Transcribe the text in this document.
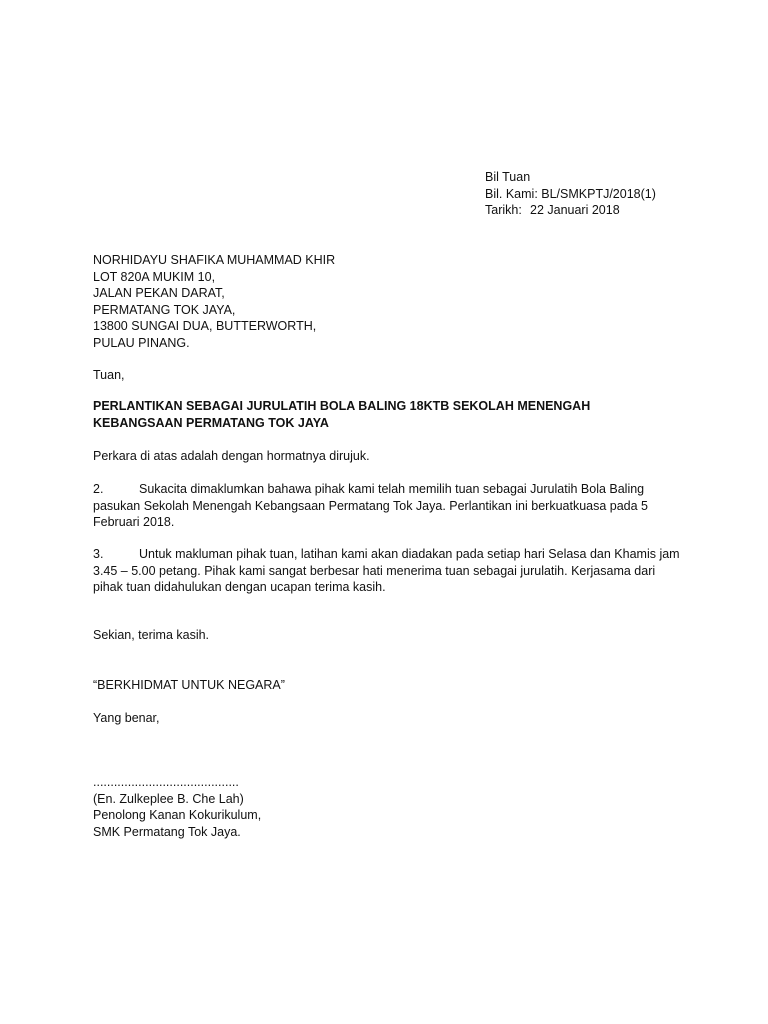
Bil Tuan
Bil. Kami: BL/SMKPTJ/2018(1)
Tarikh: 22 Januari 2018
NORHIDAYU SHAFIKA MUHAMMAD KHIR
LOT 820A MUKIM 10,
JALAN PEKAN DARAT,
PERMATANG TOK JAYA,
13800 SUNGAI DUA, BUTTERWORTH,
PULAU PINANG.
Tuan,
PERLANTIKAN SEBAGAI JURULATIH BOLA BALING 18KTB SEKOLAH MENENGAH KEBANGSAAN PERMATANG TOK JAYA
Perkara di atas adalah dengan hormatnya dirujuk.
2.	Sukacita dimaklumkan bahawa pihak kami telah memilih tuan sebagai Jurulatih Bola Baling pasukan Sekolah Menengah Kebangsaan Permatang Tok Jaya. Perlantikan ini berkuatkuasa pada 5 Februari 2018.
3.	Untuk makluman pihak tuan, latihan kami akan diadakan pada setiap hari Selasa dan Khamis jam 3.45 – 5.00 petang. Pihak kami sangat berbesar hati menerima tuan sebagai jurulatih. Kerjasama dari pihak tuan didahulukan dengan ucapan terima kasih.
Sekian, terima kasih.
“BERKHIDMAT UNTUK NEGARA”
Yang benar,
..........................................
(En. Zulkeplee B. Che Lah)
Penolong Kanan Kokurikulum,
SMK Permatang Tok Jaya.
